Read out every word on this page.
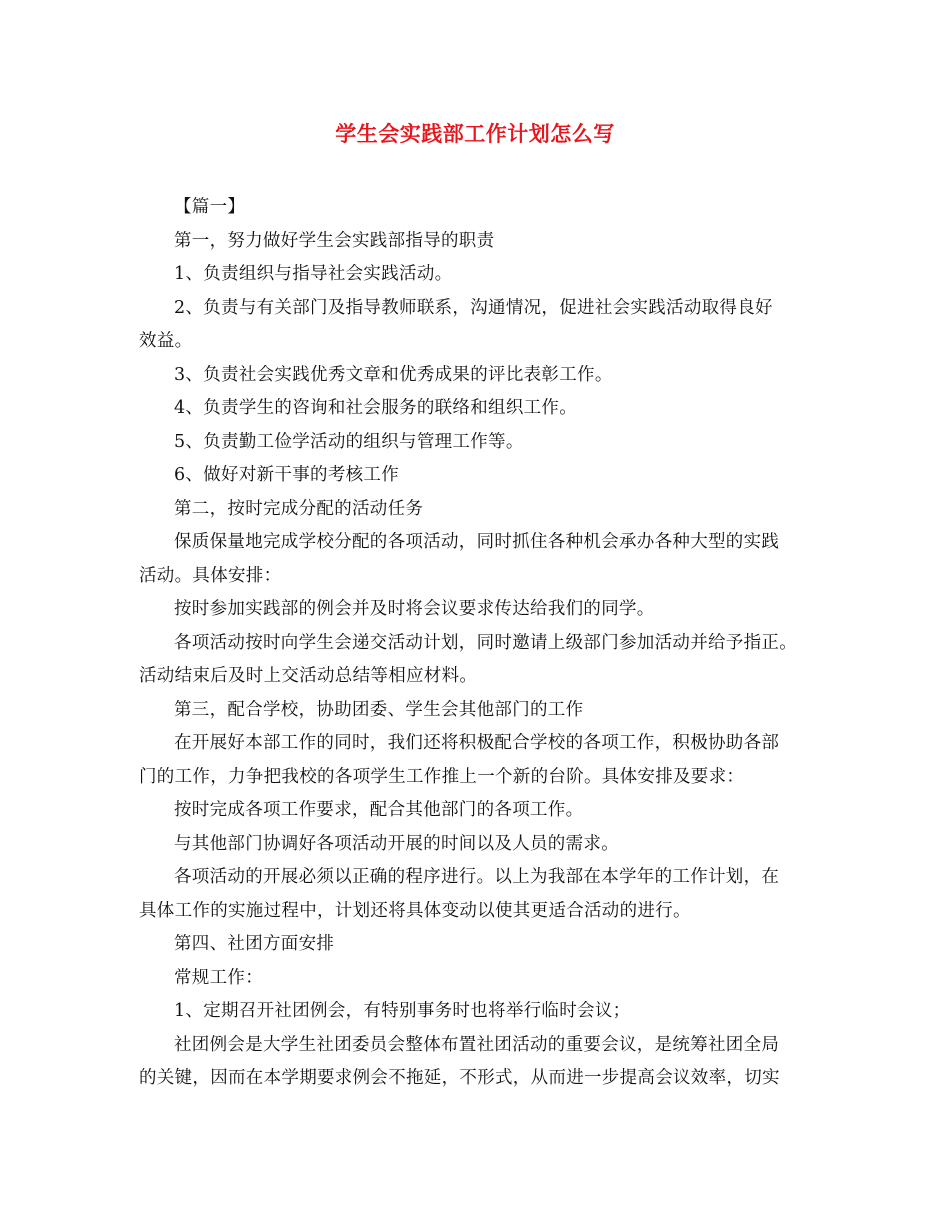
学生会实践部工作计划怎么写

【篇一】

第一，努力做好学生会实践部指导的职责

1、负责组织与指导社会实践活动。

2、负责与有关部门及指导教师联系，沟通情况，促进社会实践活动取得良好

效益。

3、负责社会实践优秀文章和优秀成果的评比表彰工作。

4、负责学生的咨询和社会服务的联络和组织工作。

5、负责勤工俭学活动的组织与管理工作等。

6、做好对新干事的考核工作

第二，按时完成分配的活动任务

保质保量地完成学校分配的各项活动，同时抓住各种机会承办各种大型的实践

活动。具体安排：

按时参加实践部的例会并及时将会议要求传达给我们的同学。

各项活动按时向学生会递交活动计划，同时邀请上级部门参加活动并给予指正。

活动结束后及时上交活动总结等相应材料。

第三，配合学校，协助团委、学生会其他部门的工作

在开展好本部工作的同时，我们还将积极配合学校的各项工作，积极协助各部

门的工作，力争把我校的各项学生工作推上一个新的台阶。具体安排及要求：

按时完成各项工作要求，配合其他部门的各项工作。

与其他部门协调好各项活动开展的时间以及人员的需求。

各项活动的开展必须以正确的程序进行。以上为我部在本学年的工作计划，在

具体工作的实施过程中，计划还将具体变动以使其更适合活动的进行。

第四、社团方面安排

常规工作：

1、定期召开社团例会，有特别事务时也将举行临时会议；

社团例会是大学生社团委员会整体布置社团活动的重要会议，是统筹社团全局

的关键，因而在本学期要求例会不拖延，不形式，从而进一步提高会议效率，切实
